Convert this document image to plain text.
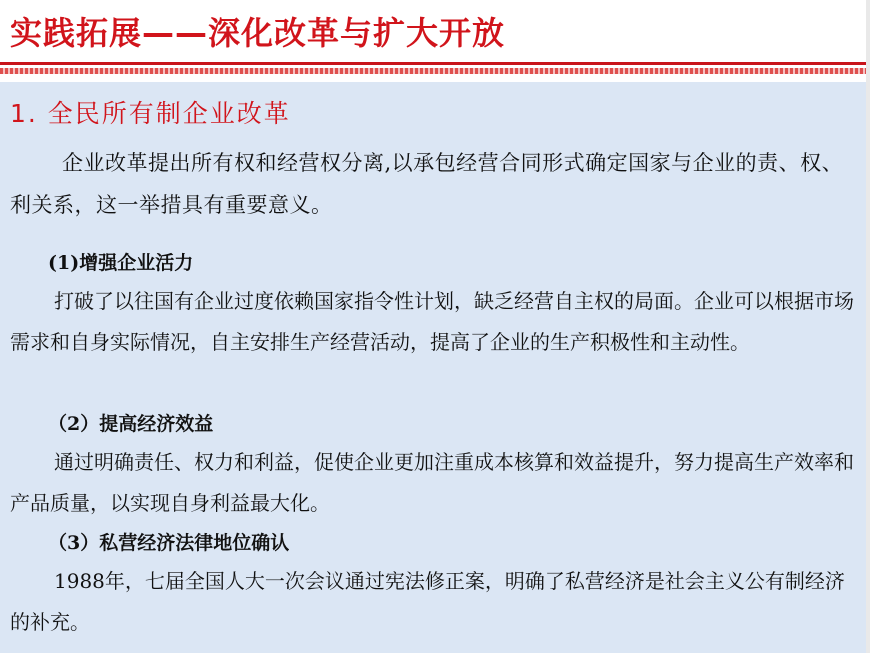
实践拓展——深化改革与扩大开放
1. 全民所有制企业改革
企业改革提出所有权和经营权分离,以承包经营合同形式确定国家与企业的责、权、利关系，这一举措具有重要意义。
(1)增强企业活力
打破了以往国有企业过度依赖国家指令性计划，缺乏经营自主权的局面。企业可以根据市场需求和自身实际情况，自主安排生产经营活动，提高了企业的生产积极性和主动性。
（2）提高经济效益
通过明确责任、权力和利益，促使企业更加注重成本核算和效益提升，努力提高生产效率和产品质量，以实现自身利益最大化。
（3）私营经济法律地位确认
1988年，七届全国人大一次会议通过宪法修正案，明确了私营经济是社会主义公有制经济的补充。
